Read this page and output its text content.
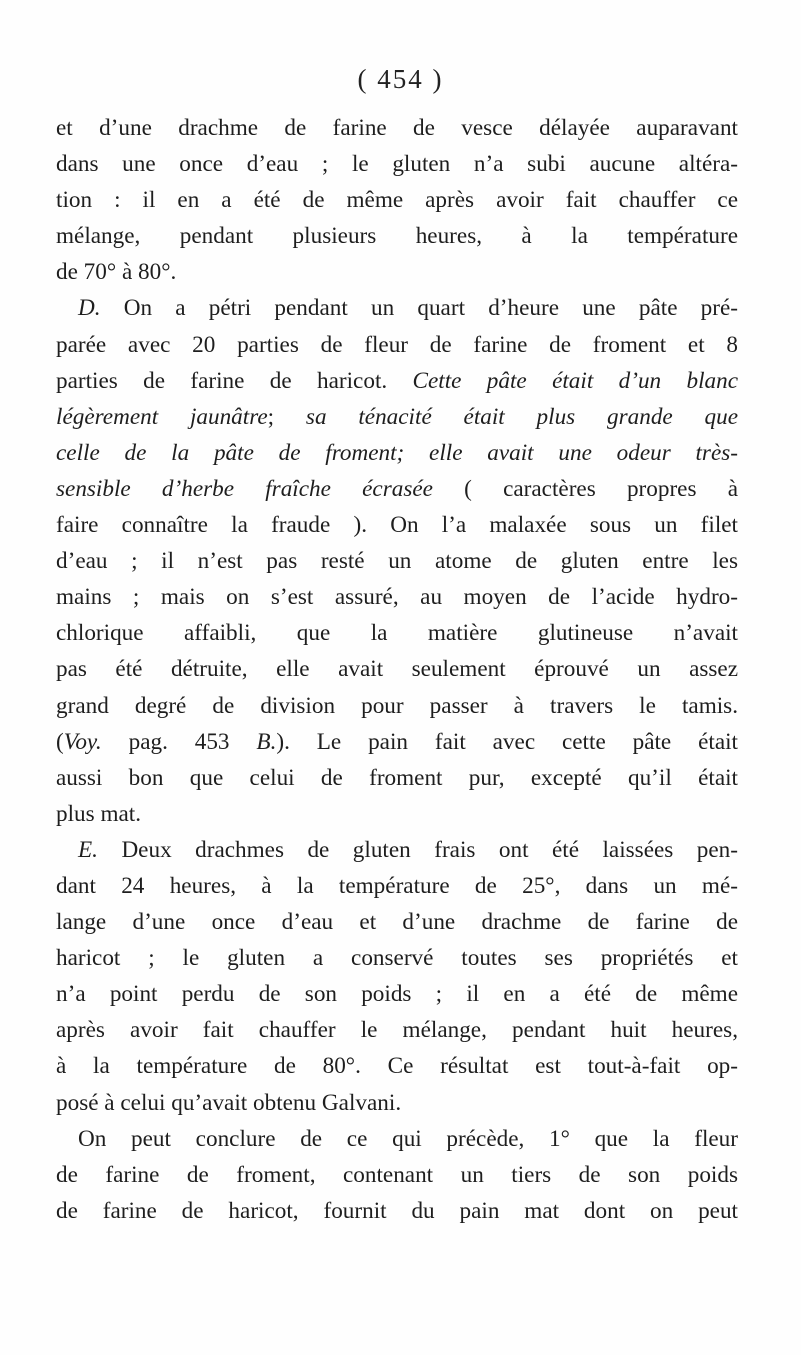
( 454 )
et d’une drachme de farine de vesce délayée auparavant
dans une once d’eau ; le gluten n’a subi aucune altéra-
tion : il en a été de même après avoir fait chauffer ce
mélange, pendant plusieurs heures, à la température
de 70° à 80°.
D. On a pétri pendant un quart d’heure une pâte pré-
parée avec 20 parties de fleur de farine de froment et 8
parties de farine de haricot. Cette pâte était d’un blanc
légèrement jaunâtre; sa ténacité était plus grande que
celle de la pâte de froment; elle avait une odeur très-
sensible d’herbe fraîche écrasée ( caractères propres à
faire connaître la fraude ). On l’a malaxée sous un filet
d’eau ; il n’est pas resté un atome de gluten entre les
mains ; mais on s’est assuré, au moyen de l’acide hydro-
chlorique affaibli, que la matière glutineuse n’avait
pas été détruite, elle avait seulement éprouvé un assez
grand degré de division pour passer à travers le tamis.
(Voy. pag. 453 B.). Le pain fait avec cette pâte était
aussi bon que celui de froment pur, excepté qu’il était
plus mat.
E. Deux drachmes de gluten frais ont été laissées pen-
dant 24 heures, à la température de 25°, dans un mé-
lange d’une once d’eau et d’une drachme de farine de
haricot ; le gluten a conservé toutes ses propriétés et
n’a point perdu de son poids ; il en a été de même
après avoir fait chauffer le mélange, pendant huit heures,
à la température de 80°. Ce résultat est tout-à-fait op-
posé à celui qu’avait obtenu Galvani.
On peut conclure de ce qui précède, 1° que la fleur
de farine de froment, contenant un tiers de son poids
de farine de haricot, fournit du pain mat dont on peut
